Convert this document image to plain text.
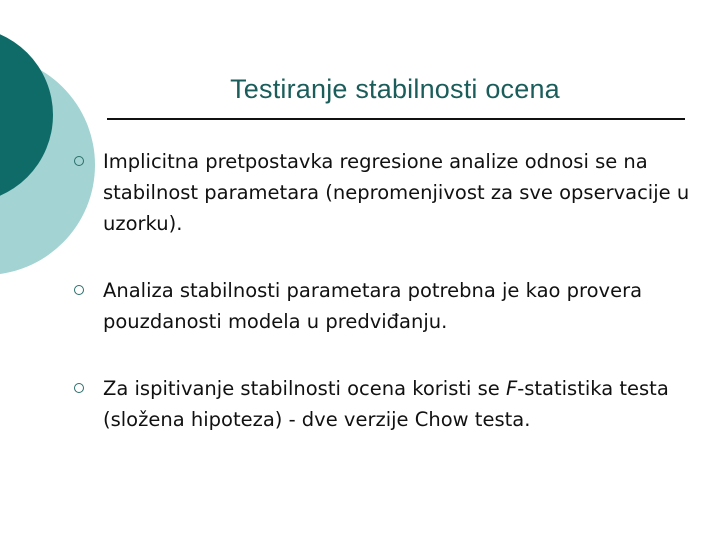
Testiranje stabilnosti ocena
Implicitna pretpostavka regresione analize odnosi se na stabilnost parametara (nepromenjivost za sve opservacije u uzorku).
Analiza stabilnosti parametara potrebna je kao provera pouzdanosti modela u predviđanju.
Za ispitivanje stabilnosti ocena koristi se F-statistika testa (složena hipoteza) - dve verzije Chow testa.
